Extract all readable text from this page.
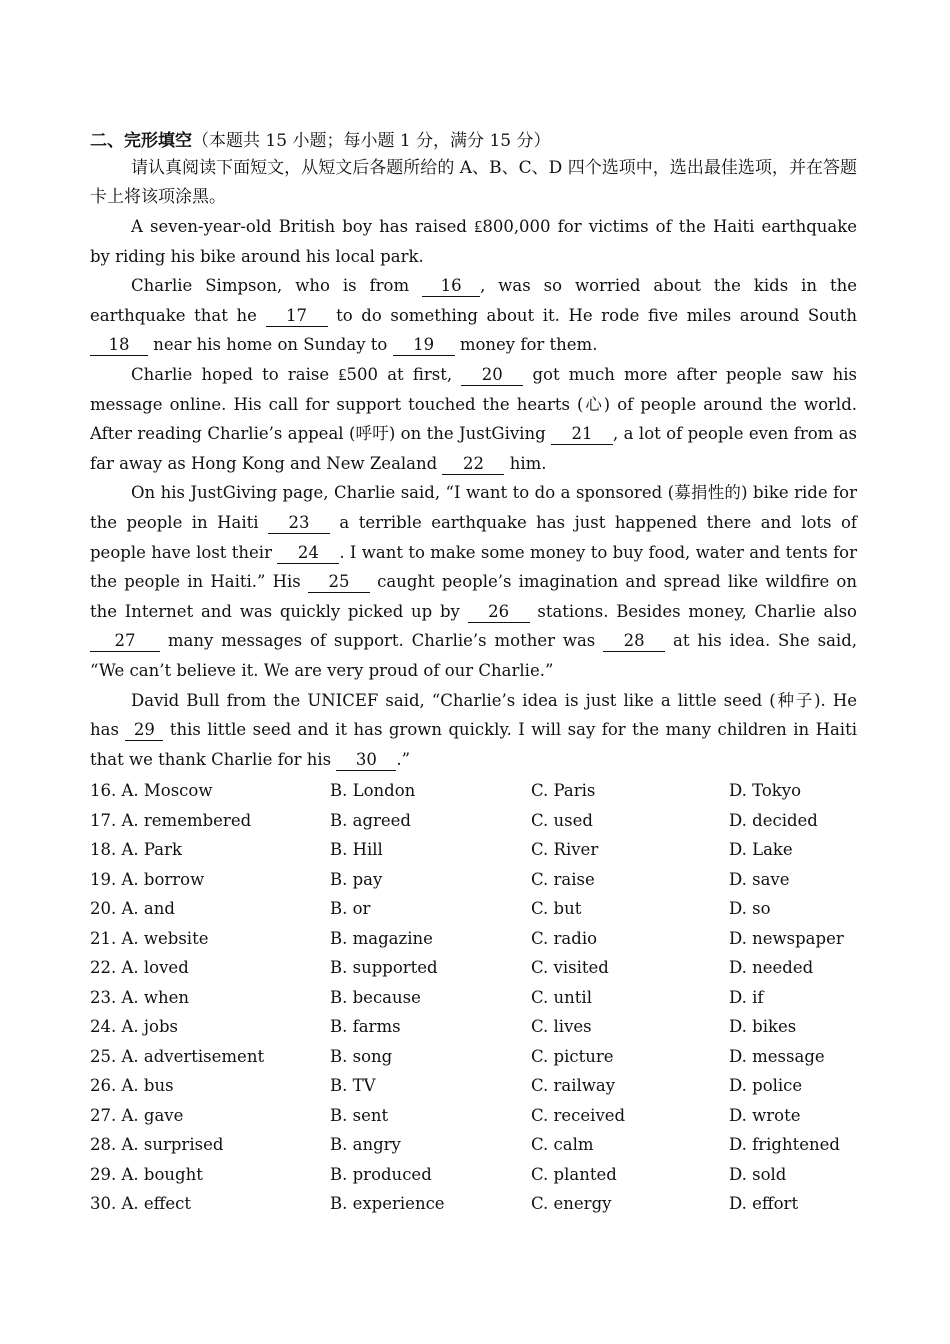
二、完形填空（本题共 15 小题；每小题 1 分，满分 15 分）

请认真阅读下面短文，从短文后各题所给的 A、B、C、D 四个选项中，选出最佳选项，并在答题卡上将该项涂黑。

A seven-year-old British boy has raised ₤800,000 for victims of the Haiti earthquake by riding his bike around his local park.

Charlie Simpson, who is from 16 , was so worried about the kids in the earthquake that he 17 to do something about it. He rode five miles around South 18 near his home on Sunday to 19 money for them.

Charlie hoped to raise ₤500 at first, 20 got much more after people saw his message online. His call for support touched the hearts (心) of people around the world. After reading Charlie’s appeal (呼吁) on the JustGiving 21 , a lot of people even from as far away as Hong Kong and New Zealand 22 him.

On his JustGiving page, Charlie said, “I want to do a sponsored (募捐性的) bike ride for the people in Haiti 23 a terrible earthquake has just happened there and lots of people have lost their 24 . I want to make some money to buy food, water and tents for the people in Haiti.” His 25 caught people’s imagination and spread like wildfire on the Internet and was quickly picked up by 26 stations. Besides money, Charlie also 27 many messages of support. Charlie’s mother was 28 at his idea. She said, “We can’t believe it. We are very proud of our Charlie.”

David Bull from the UNICEF said, “Charlie’s idea is just like a little seed (种子). He has 29 this little seed and it has grown quickly. I will say for the many children in Haiti that we thank Charlie for his 30 .”

16. A. Moscow	B. London	C. Paris	D. Tokyo
17. A. remembered	B. agreed	C. used	D. decided
18. A. Park	B. Hill	C. River	D. Lake
19. A. borrow	B. pay	C. raise	D. save
20. A. and	B. or	C. but	D. so
21. A. website	B. magazine	C. radio	D. newspaper
22. A. loved	B. supported	C. visited	D. needed
23. A. when	B. because	C. until	D. if
24. A. jobs	B. farms	C. lives	D. bikes
25. A. advertisement	B. song	C. picture	D. message
26. A. bus	B. TV	C. railway	D. police
27. A. gave	B. sent	C. received	D. wrote
28. A. surprised	B. angry	C. calm	D. frightened
29. A. bought	B. produced	C. planted	D. sold
30. A. effect	B. experience	C. energy	D. effort
